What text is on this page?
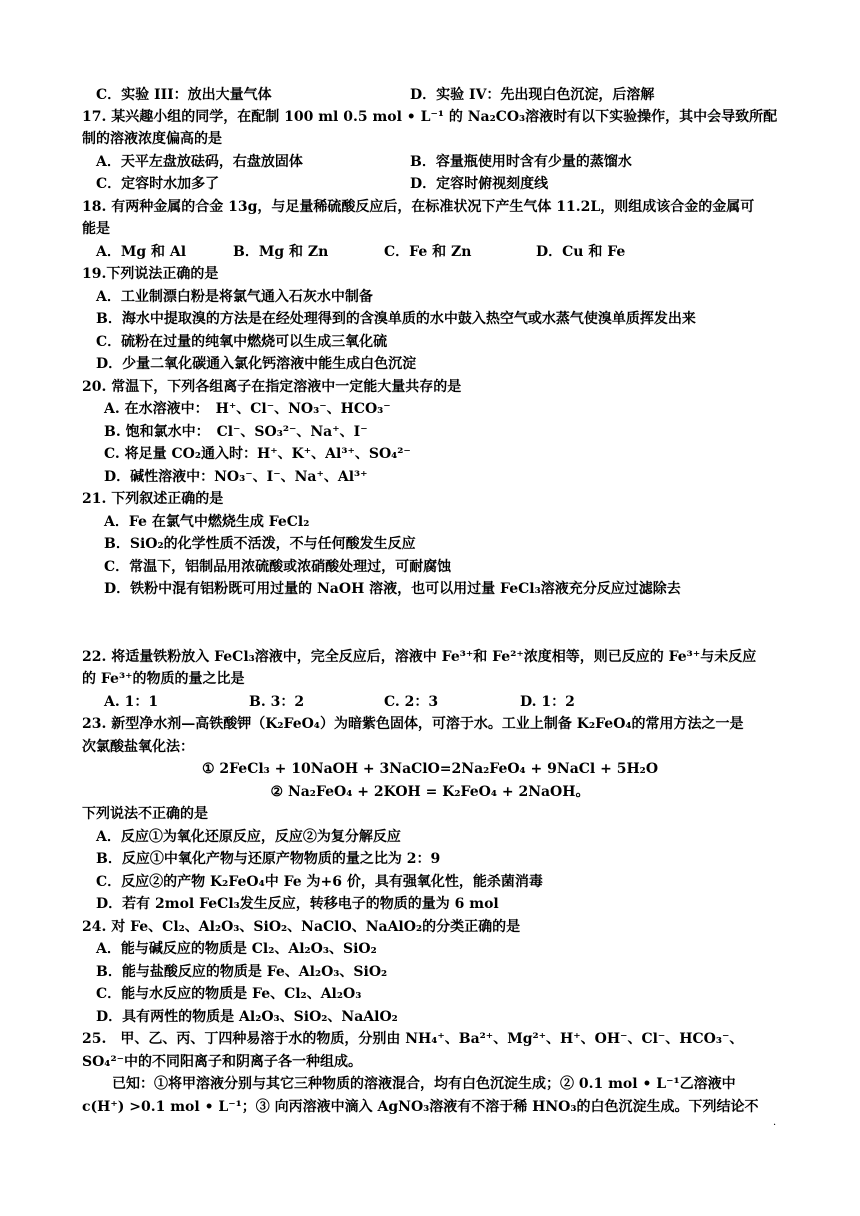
C．实验 III：放出大量气体	D．实验 IV：先出现白色沉淀，后溶解
17. 某兴趣小组的同学，在配制 100 ml 0.5 mol • L⁻¹ 的 Na₂CO₃溶液时有以下实验操作，其中会导致所配
制的溶液浓度偏高的是
A．天平左盘放砝码，右盘放固体	B．容量瓶使用时含有少量的蒸馏水
C．定容时水加多了	D．定容时俯视刻度线
18. 有两种金属的合金 13g，与足量稀硫酸反应后，在标准状况下产生气体 11.2L，则组成该合金的金属可
能是
A．Mg 和 Al	B．Mg 和 Zn	C．Fe 和 Zn	D．Cu 和 Fe
19.下列说法正确的是
A．工业制漂白粉是将氯气通入石灰水中制备
B．海水中提取溴的方法是在经处理得到的含溴单质的水中鼓入热空气或水蒸气使溴单质挥发出来
C．硫粉在过量的纯氧中燃烧可以生成三氧化硫
D．少量二氧化碳通入氯化钙溶液中能生成白色沉淀
20. 常温下，下列各组离子在指定溶液中一定能大量共存的是
A. 在水溶液中：　H⁺、Cl⁻、NO₃⁻、HCO₃⁻
B. 饱和氯水中：　Cl⁻、SO₃²⁻、Na⁺、I⁻
C. 将足量 CO₂通入时：H⁺、K⁺、Al³⁺、SO₄²⁻
D．碱性溶液中：NO₃⁻、I⁻、Na⁺、Al³⁺
21. 下列叙述正确的是
A．Fe 在氯气中燃烧生成 FeCl₂
B．SiO₂的化学性质不活泼，不与任何酸发生反应
C．常温下，铝制品用浓硫酸或浓硝酸处理过，可耐腐蚀
D．铁粉中混有铝粉既可用过量的 NaOH 溶液，也可以用过量 FeCl₃溶液充分反应过滤除去
22. 将适量铁粉放入 FeCl₃溶液中，完全反应后，溶液中 Fe³⁺和 Fe²⁺浓度相等，则已反应的 Fe³⁺与未反应
的 Fe³⁺的物质的量之比是
A. 1：1	B. 3：2	C. 2：3	D. 1：2
23. 新型净水剂—高铁酸钾（K₂FeO₄）为暗紫色固体，可溶于水。工业上制备 K₂FeO₄的常用方法之一是
次氯酸盐氧化法：
① 2FeCl₃ + 10NaOH + 3NaClO=2Na₂FeO₄ + 9NaCl + 5H₂O
② Na₂FeO₄ + 2KOH = K₂FeO₄ + 2NaOH。
下列说法不正确的是
A．反应①为氧化还原反应，反应②为复分解反应
B．反应①中氧化产物与还原产物物质的量之比为 2：9
C．反应②的产物 K₂FeO₄中 Fe 为+6 价，具有强氧化性，能杀菌消毒
D．若有 2mol FeCl₃发生反应，转移电子的物质的量为 6 mol
24. 对 Fe、Cl₂、Al₂O₃、SiO₂、NaClO、NaAlO₂的分类正确的是
A．能与碱反应的物质是 Cl₂、Al₂O₃、SiO₂
B．能与盐酸反应的物质是 Fe、Al₂O₃、SiO₂
C．能与水反应的物质是 Fe、Cl₂、Al₂O₃
D．具有两性的物质是 Al₂O₃、SiO₂、NaAlO₂
25.　甲、乙、丙、丁四种易溶于水的物质，分别由 NH₄⁺、Ba²⁺、Mg²⁺、H⁺、OH⁻、Cl⁻、HCO₃⁻、
SO₄²⁻中的不同阳离子和阴离子各一种组成。
已知：①将甲溶液分别与其它三种物质的溶液混合，均有白色沉淀生成；② 0.1 mol • L⁻¹乙溶液中
c(H⁺) >0.1 mol • L⁻¹；③ 向丙溶液中滴入 AgNO₃溶液有不溶于稀 HNO₃的白色沉淀生成。下列结论不
·
